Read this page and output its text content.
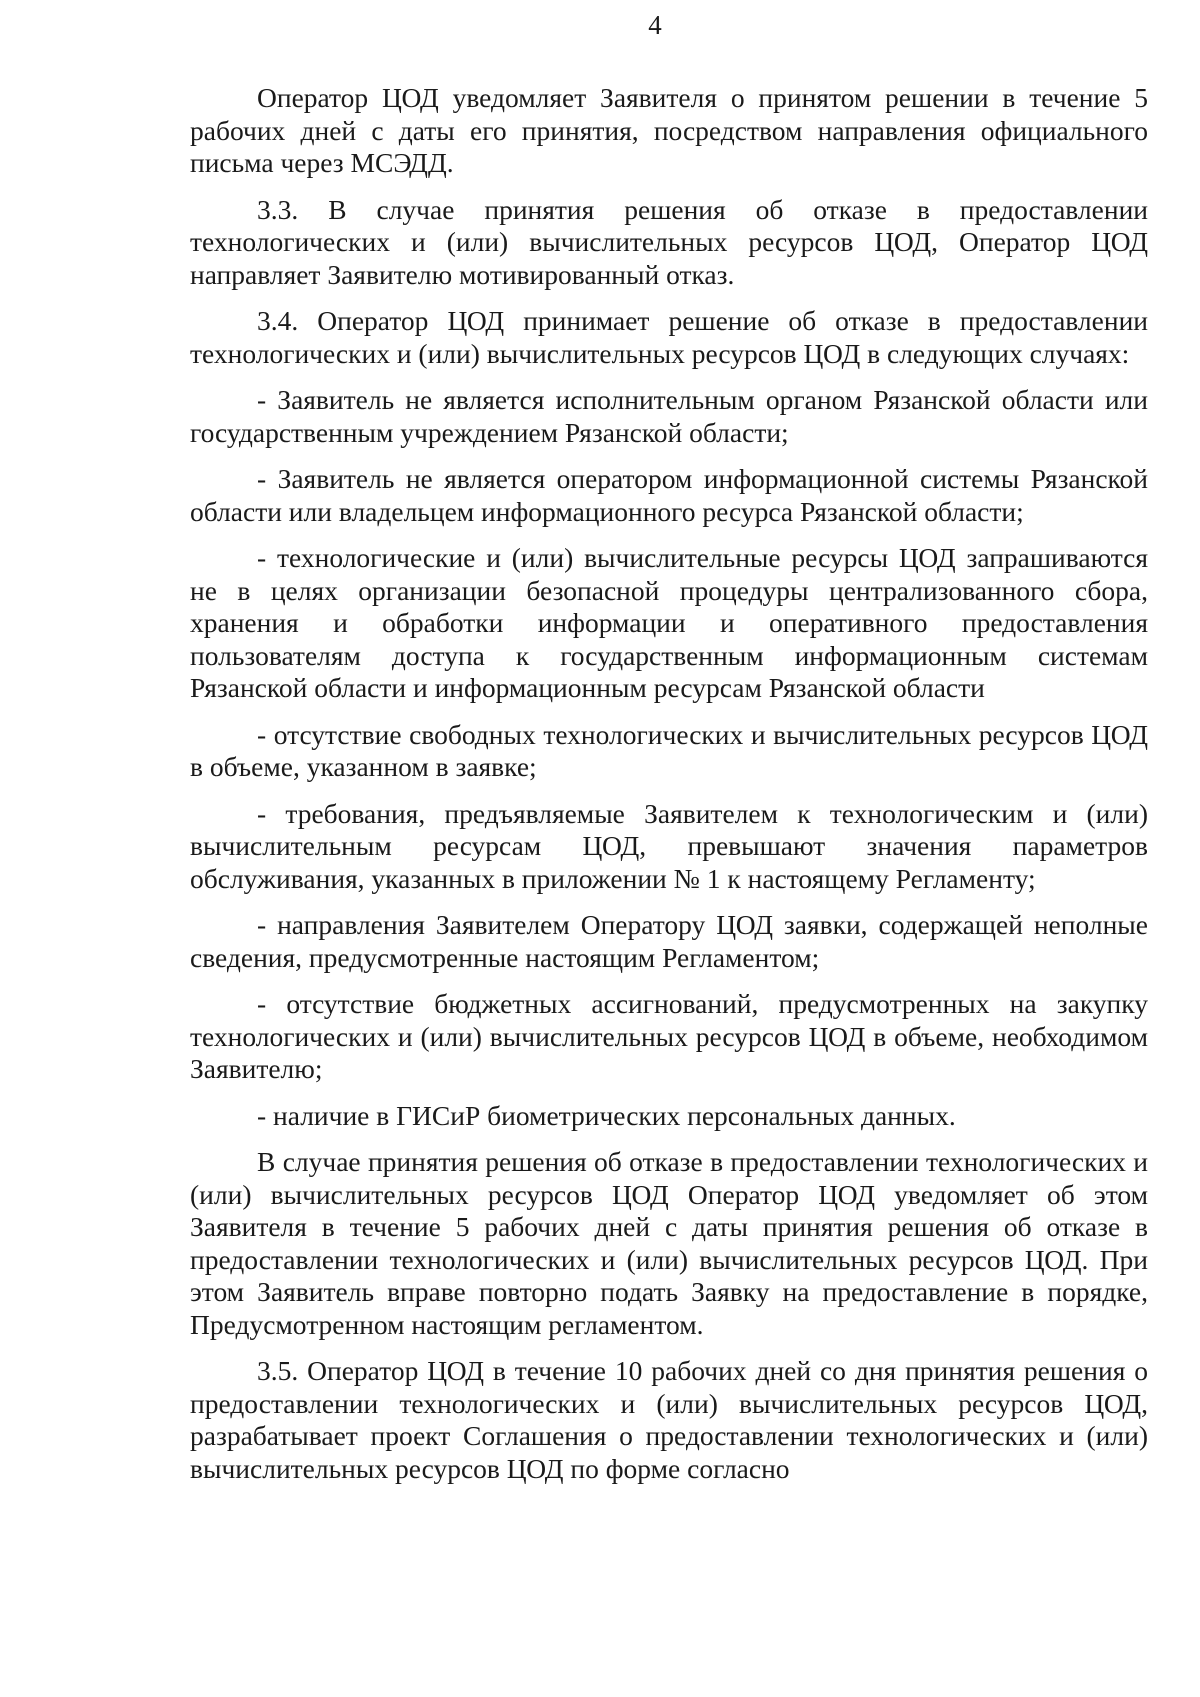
4

Оператор ЦОД уведомляет Заявителя о принятом решении в течение 5 рабочих дней с даты его принятия, посредством направления официального письма через МСЭДД.

3.3. В случае принятия решения об отказе в предоставлении технологических и (или) вычислительных ресурсов ЦОД, Оператор ЦОД направляет Заявителю мотивированный отказ.

3.4. Оператор ЦОД принимает решение об отказе в предоставлении технологических и (или) вычислительных ресурсов ЦОД в следующих случаях:

- Заявитель не является исполнительным органом Рязанской области или государственным учреждением Рязанской области;

- Заявитель не является оператором информационной системы Рязанской области или владельцем информационного ресурса Рязанской области;

- технологические и (или) вычислительные ресурсы ЦОД запрашиваются не в целях организации безопасной процедуры централизованного сбора, хранения и обработки информации и оперативного предоставления пользователям доступа к государственным информационным системам Рязанской области и информационным ресурсам Рязанской области

- отсутствие свободных технологических и вычислительных ресурсов ЦОД в объеме, указанном в заявке;

- требования, предъявляемые Заявителем к технологическим и (или) вычислительным ресурсам ЦОД, превышают значения параметров обслуживания, указанных в приложении № 1 к настоящему Регламенту;

- направления Заявителем Оператору ЦОД заявки, содержащей неполные сведения, предусмотренные настоящим Регламентом;

- отсутствие бюджетных ассигнований, предусмотренных на закупку технологических и (или) вычислительных ресурсов ЦОД в объеме, необходимом Заявителю;

- наличие в ГИСиР биометрических персональных данных.

В случае принятия решения об отказе в предоставлении технологических и (или) вычислительных ресурсов ЦОД Оператор ЦОД уведомляет об этом Заявителя в течение 5 рабочих дней с даты принятия решения об отказе в предоставлении технологических и (или) вычислительных ресурсов ЦОД. При этом Заявитель вправе повторно подать Заявку на предоставление в порядке, Предусмотренном настоящим регламентом.

3.5. Оператор ЦОД в течение 10 рабочих дней со дня принятия решения о предоставлении технологических и (или) вычислительных ресурсов ЦОД, разрабатывает проект Соглашения о предоставлении технологических и (или) вычислительных ресурсов ЦОД по форме согласно
